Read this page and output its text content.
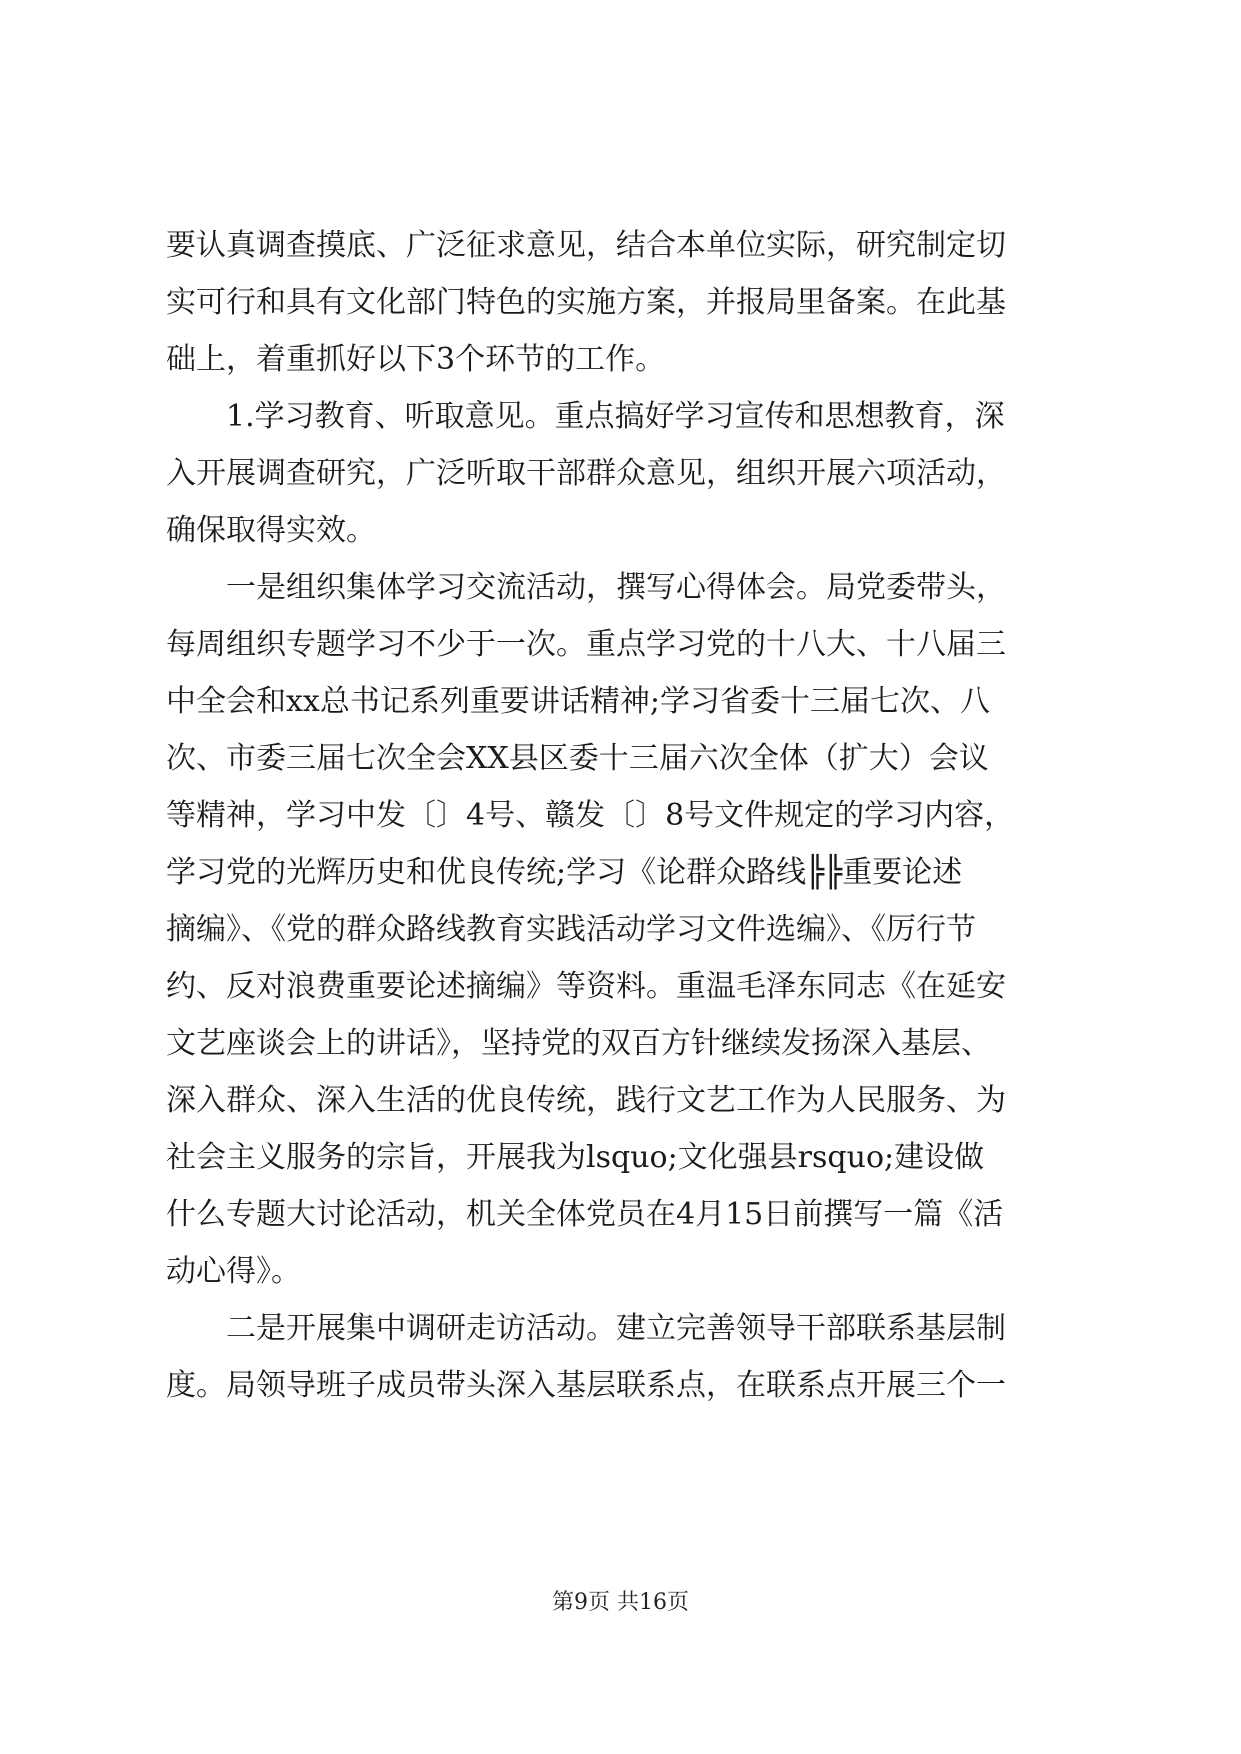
要认真调查摸底、广泛征求意见，结合本单位实际，研究制定切
实可行和具有文化部门特色的实施方案，并报局里备案。在此基
础上，着重抓好以下3个环节的工作。
1.学习教育、听取意见。重点搞好学习宣传和思想教育，深
入开展调查研究，广泛听取干部群众意见，组织开展六项活动，
确保取得实效。
一是组织集体学习交流活动，撰写心得体会。局党委带头，
每周组织专题学习不少于一次。重点学习党的十八大、十八届三
中全会和xx总书记系列重要讲话精神;学习省委十三届七次、八
次、市委三届七次全会XX县区委十三届六次全体（扩大）会议
等精神，学习中发〔〕4号、赣发〔〕8号文件规定的学习内容，
学习党的光辉历史和优良传统;学习《论群众路线╠╠重要论述
摘编》、《党的群众路线教育实践活动学习文件选编》、《厉行节
约、反对浪费重要论述摘编》等资料。重温毛泽东同志《在延安
文艺座谈会上的讲话》，坚持党的双百方针继续发扬深入基层、
深入群众、深入生活的优良传统，践行文艺工作为人民服务、为
社会主义服务的宗旨，开展我为lsquo;文化强县rsquo;建设做
什么专题大讨论活动，机关全体党员在4月15日前撰写一篇《活
动心得》。
二是开展集中调研走访活动。建立完善领导干部联系基层制
度。局领导班子成员带头深入基层联系点，在联系点开展三个一
第9页 共16页
